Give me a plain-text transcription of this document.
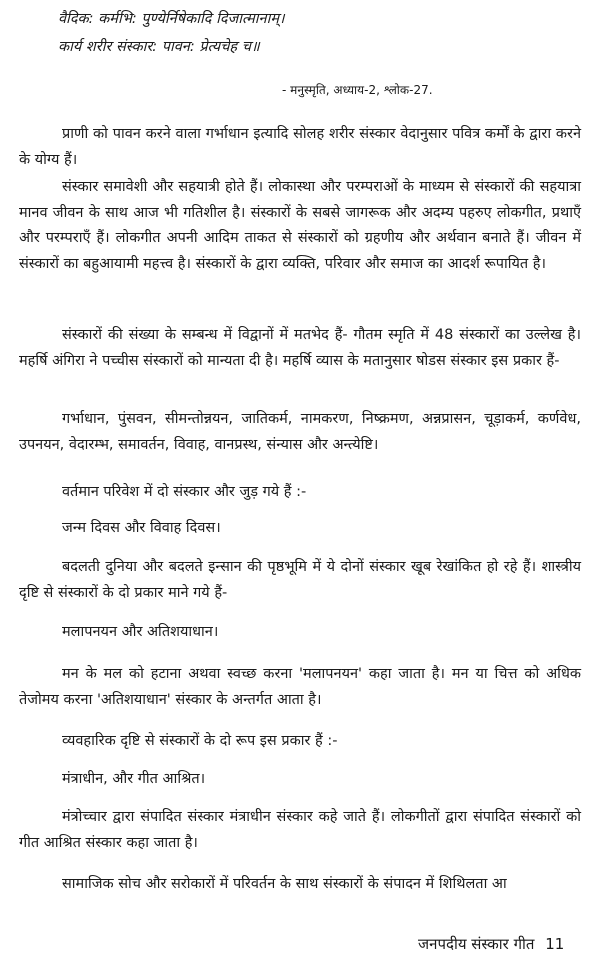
वैदिक: कर्मभि: पुण्येर्निषेकादि दिजात्मानाम्।
कार्य शरीर संस्कार: पावन: प्रेत्यचेह च॥
- मनुस्मृति, अध्याय-2, श्लोक-27.
प्राणी को पावन करने वाला गर्भाधान इत्यादि सोलह शरीर संस्कार वेदानुसार पवित्र कर्मों के द्वारा करने के योग्य हैं।
संस्कार समावेशी और सहयात्री होते हैं। लोकास्था और परम्पराओं के माध्यम से संस्कारों की सहयात्रा मानव जीवन के साथ आज भी गतिशील है। संस्कारों के सबसे जागरूक और अदम्य पहरुए लोकगीत, प्रथाएँ और परम्पराएँ हैं। लोकगीत अपनी आदिम ताकत से संस्कारों को ग्रहणीय और अर्थवान बनाते हैं। जीवन में संस्कारों का बहुआयामी महत्त्व है। संस्कारों के द्वारा व्यक्ति, परिवार और समाज का आदर्श रूपायित है।
संस्कारों की संख्या के सम्बन्ध में विद्वानों में मतभेद हैं- गौतम स्मृति में 48 संस्कारों का उल्लेख है। महर्षि अंगिरा ने पच्चीस संस्कारों को मान्यता दी है। महर्षि व्यास के मतानुसार षोडस संस्कार इस प्रकार हैं-
गर्भाधान, पुंसवन, सीमन्तोन्नयन, जातिकर्म, नामकरण, निष्क्रमण, अन्नप्रासन, चूड़ाकर्म, कर्णवेध, उपनयन, वेदारम्भ, समावर्तन, विवाह, वानप्रस्थ, संन्यास और अन्त्येष्टि।
वर्तमान परिवेश में दो संस्कार और जुड़ गये हैं :-
जन्म दिवस और विवाह दिवस।
बदलती दुनिया और बदलते इन्सान की पृष्ठभूमि में ये दोनों संस्कार खूब रेखांकित हो रहे हैं। शास्त्रीय दृष्टि से संस्कारों के दो प्रकार माने गये हैं-
मलापनयन और अतिशयाधान।
मन के मल को हटाना अथवा स्वच्छ करना 'मलापनयन' कहा जाता है। मन या चित्त को अधिक तेजोमय करना 'अतिशयाधान' संस्कार के अन्तर्गत आता है।
व्यवहारिक दृष्टि से संस्कारों के दो रूप इस प्रकार हैं :-
मंत्राधीन, और गीत आश्रित।
मंत्रोच्चार द्वारा संपादित संस्कार मंत्राधीन संस्कार कहे जाते हैं। लोकगीतों द्वारा संपादित संस्कारों को गीत आश्रित संस्कार कहा जाता है।
सामाजिक सोच और सरोकारों में परिवर्तन के साथ संस्कारों के संपादन में शिथिलता आ
जनपदीय संस्कार गीत 11
